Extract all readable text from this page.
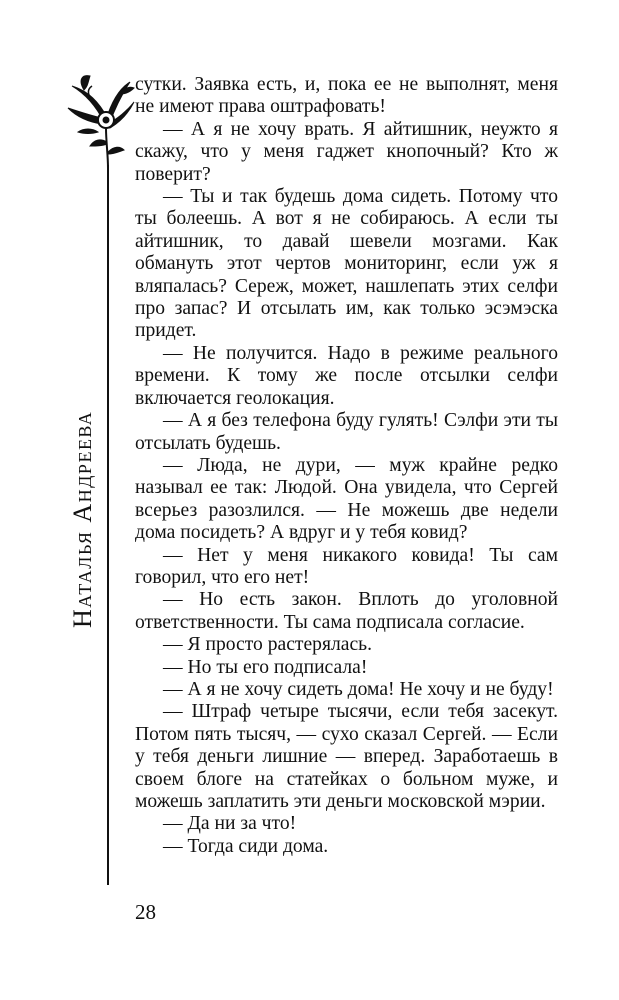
Наталья Андреева

сутки. Заявка есть, и, пока ее не выполнят, меня не имеют права оштрафовать!

— А я не хочу врать. Я айтишник, неужто я скажу, что у меня гаджет кнопочный? Кто ж поверит?

— Ты и так будешь дома сидеть. Потому что ты болеешь. А вот я не собираюсь. А если ты айтишник, то давай шевели мозгами. Как обмануть этот чертов мониторинг, если уж я вляпалась? Сереж, может, нашлепать этих селфи про запас? И отсылать им, как только эсэмэска придет.

— Не получится. Надо в режиме реального времени. К тому же после отсылки селфи включается геолокация.

— А я без телефона буду гулять! Сэлфи эти ты отсылать будешь.

— Люда, не дури, — муж крайне редко называл ее так: Людой. Она увидела, что Сергей всерьез разозлился. — Не можешь две недели дома посидеть? А вдруг и у тебя ковид?

— Нет у меня никакого ковида! Ты сам говорил, что его нет!

— Но есть закон. Вплоть до уголовной ответственности. Ты сама подписала согласие.

— Я просто растерялась.

— Но ты его подписала!

— А я не хочу сидеть дома! Не хочу и не буду!

— Штраф четыре тысячи, если тебя засекут. Потом пять тысяч, — сухо сказал Сергей. — Если у тебя деньги лишние — вперед. Заработаешь в своем блоге на статейках о больном муже, и можешь заплатить эти деньги московской мэрии.

— Да ни за что!

— Тогда сиди дома.

28
